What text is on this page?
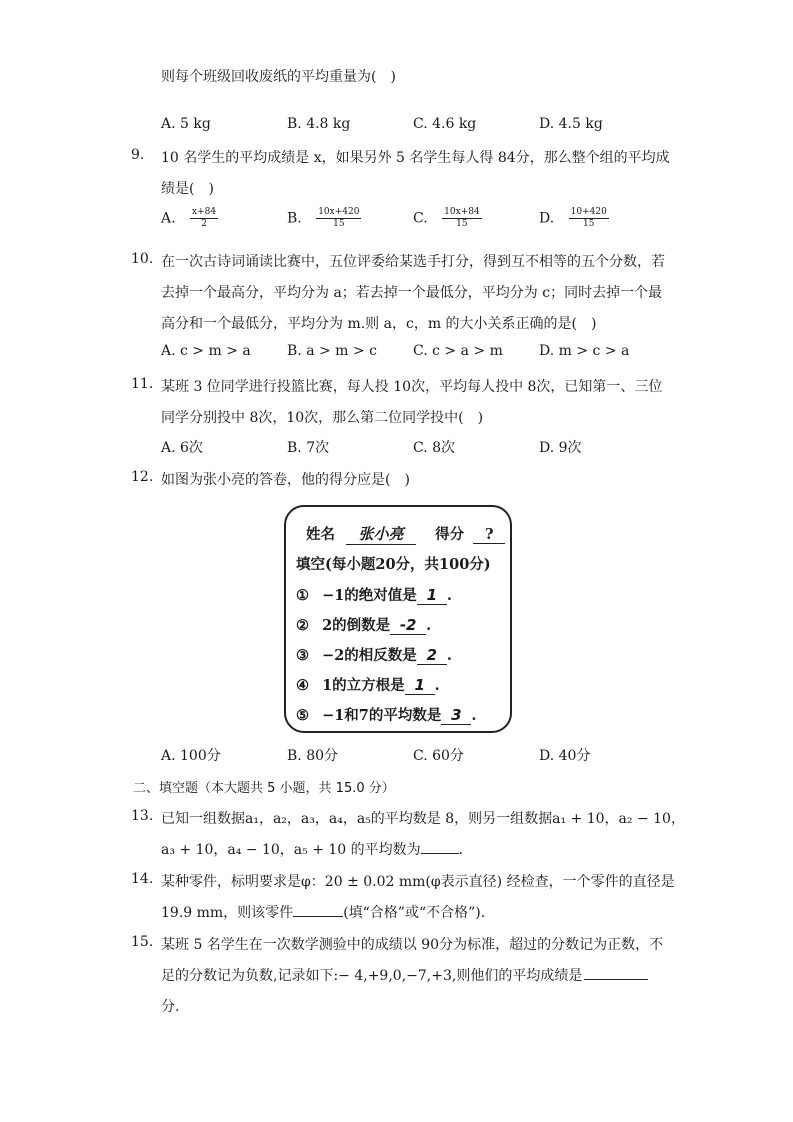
则每个班级回收废纸的平均重量为(　)
A. 5 kg	B. 4.8 kg	C. 4.6 kg	D. 4.5 kg
9. 10 名学生的平均成绩是 x，如果另外 5 名学生每人得 84分，那么整个组的平均成
绩是(　)
A. $\frac{x+84}{2}$	B. $\frac{10x+420}{15}$	C. $\frac{10x+84}{15}$	D. $\frac{10+420}{15}$
10. 在一次古诗词诵读比赛中，五位评委给某选手打分，得到互不相等的五个分数，若
去掉一个最高分，平均分为 a；若去掉一个最低分，平均分为 c；同时去掉一个最
高分和一个最低分，平均分为 m.则 a，c，m 的大小关系正确的是(　)
A. c > m > a	B. a > m > c	C. c > a > m	D. m > c > a
11. 某班 3 位同学进行投篮比赛，每人投 10次，平均每人投中 8次，已知第一、三位
同学分别投中 8次，10次，那么第二位同学投中(　)
A. 6次	B. 7次	C. 8次	D. 9次
12. 如图为张小亮的答卷，他的得分应是(　)
姓名 张小亮 得分 ?
填空(每小题20分，共100分)
① −1的绝对值是 1 .
② 2的倒数是 -2 .
③ −2的相反数是 2 .
④ 1的立方根是 1 .
⑤ −1和7的平均数是 3 .
A. 100分	B. 80分	C. 60分	D. 40分
二、填空题（本大题共 5 小题，共 15.0 分）
13. 已知一组数据a₁，a₂，a₃，a₄，a₅的平均数是 8，则另一组数据a₁ + 10，a₂ − 10，
a₃ + 10，a₄ − 10，a₅ + 10 的平均数为	.
14. 某种零件，标明要求是φ：20 ± 0.02 mm(φ表示直径) 经检查，一个零件的直径是
19.9 mm，则该零件	(填“合格”或“不合格”).
15. 某班 5 名学生在一次数学测验中的成绩以 90分为标准，超过的分数记为正数，不
足的分数记为负数,记录如下:− 4,+9,0,−7,+3,则他们的平均成绩是
分.
